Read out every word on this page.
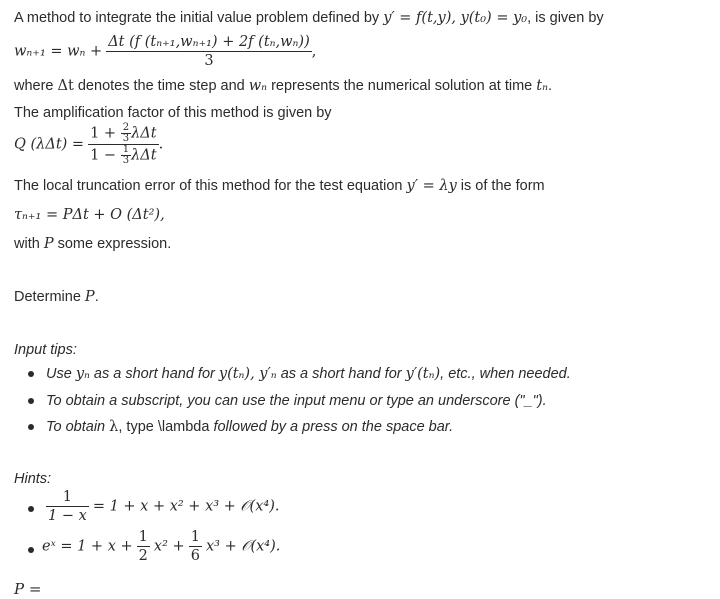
A method to integrate the initial value problem defined by y′ = f(t,y), y(t₀) = y₀, is given by
$w_{n+1} = w_n + \frac{\text{Δt (f (tₙ₊₁,wₙ₊₁) + 2f (tₙ,wₙ))}}{3}$ ,
where Δt denotes the time step and wₙ represents the numerical solution at time tₙ.
The amplification factor of this method is given by
Q $(\lambda\Delta t) = \frac{1 + \frac{2}{3} \lambda\Delta t}{1 - \frac{1}{3} \lambda\Delta t}$ .
The local truncation error of this method for the test equation y′ = λy is of the form
τₙ₊₁ = PΔt + O (Δt²),
with P some expression.
Determine P.
Input tips:
Use yₙ as a short hand for y(tₙ), y′ₙ as a short hand for y′(tₙ), etc., when needed.
To obtain a subscript, you can use the input menu or type an underscore ("_").
To obtain λ, type \lambda followed by a press on the space bar.
Hints:
$\frac{1}{1 - x} = 1 + x + x^2 + x^3$ + 𝒪(x⁴).
eˣ = $1 + x + \frac{1}{2} x^2 + \frac{1}{6} x^3$ + 𝒪(x⁴).
P =
